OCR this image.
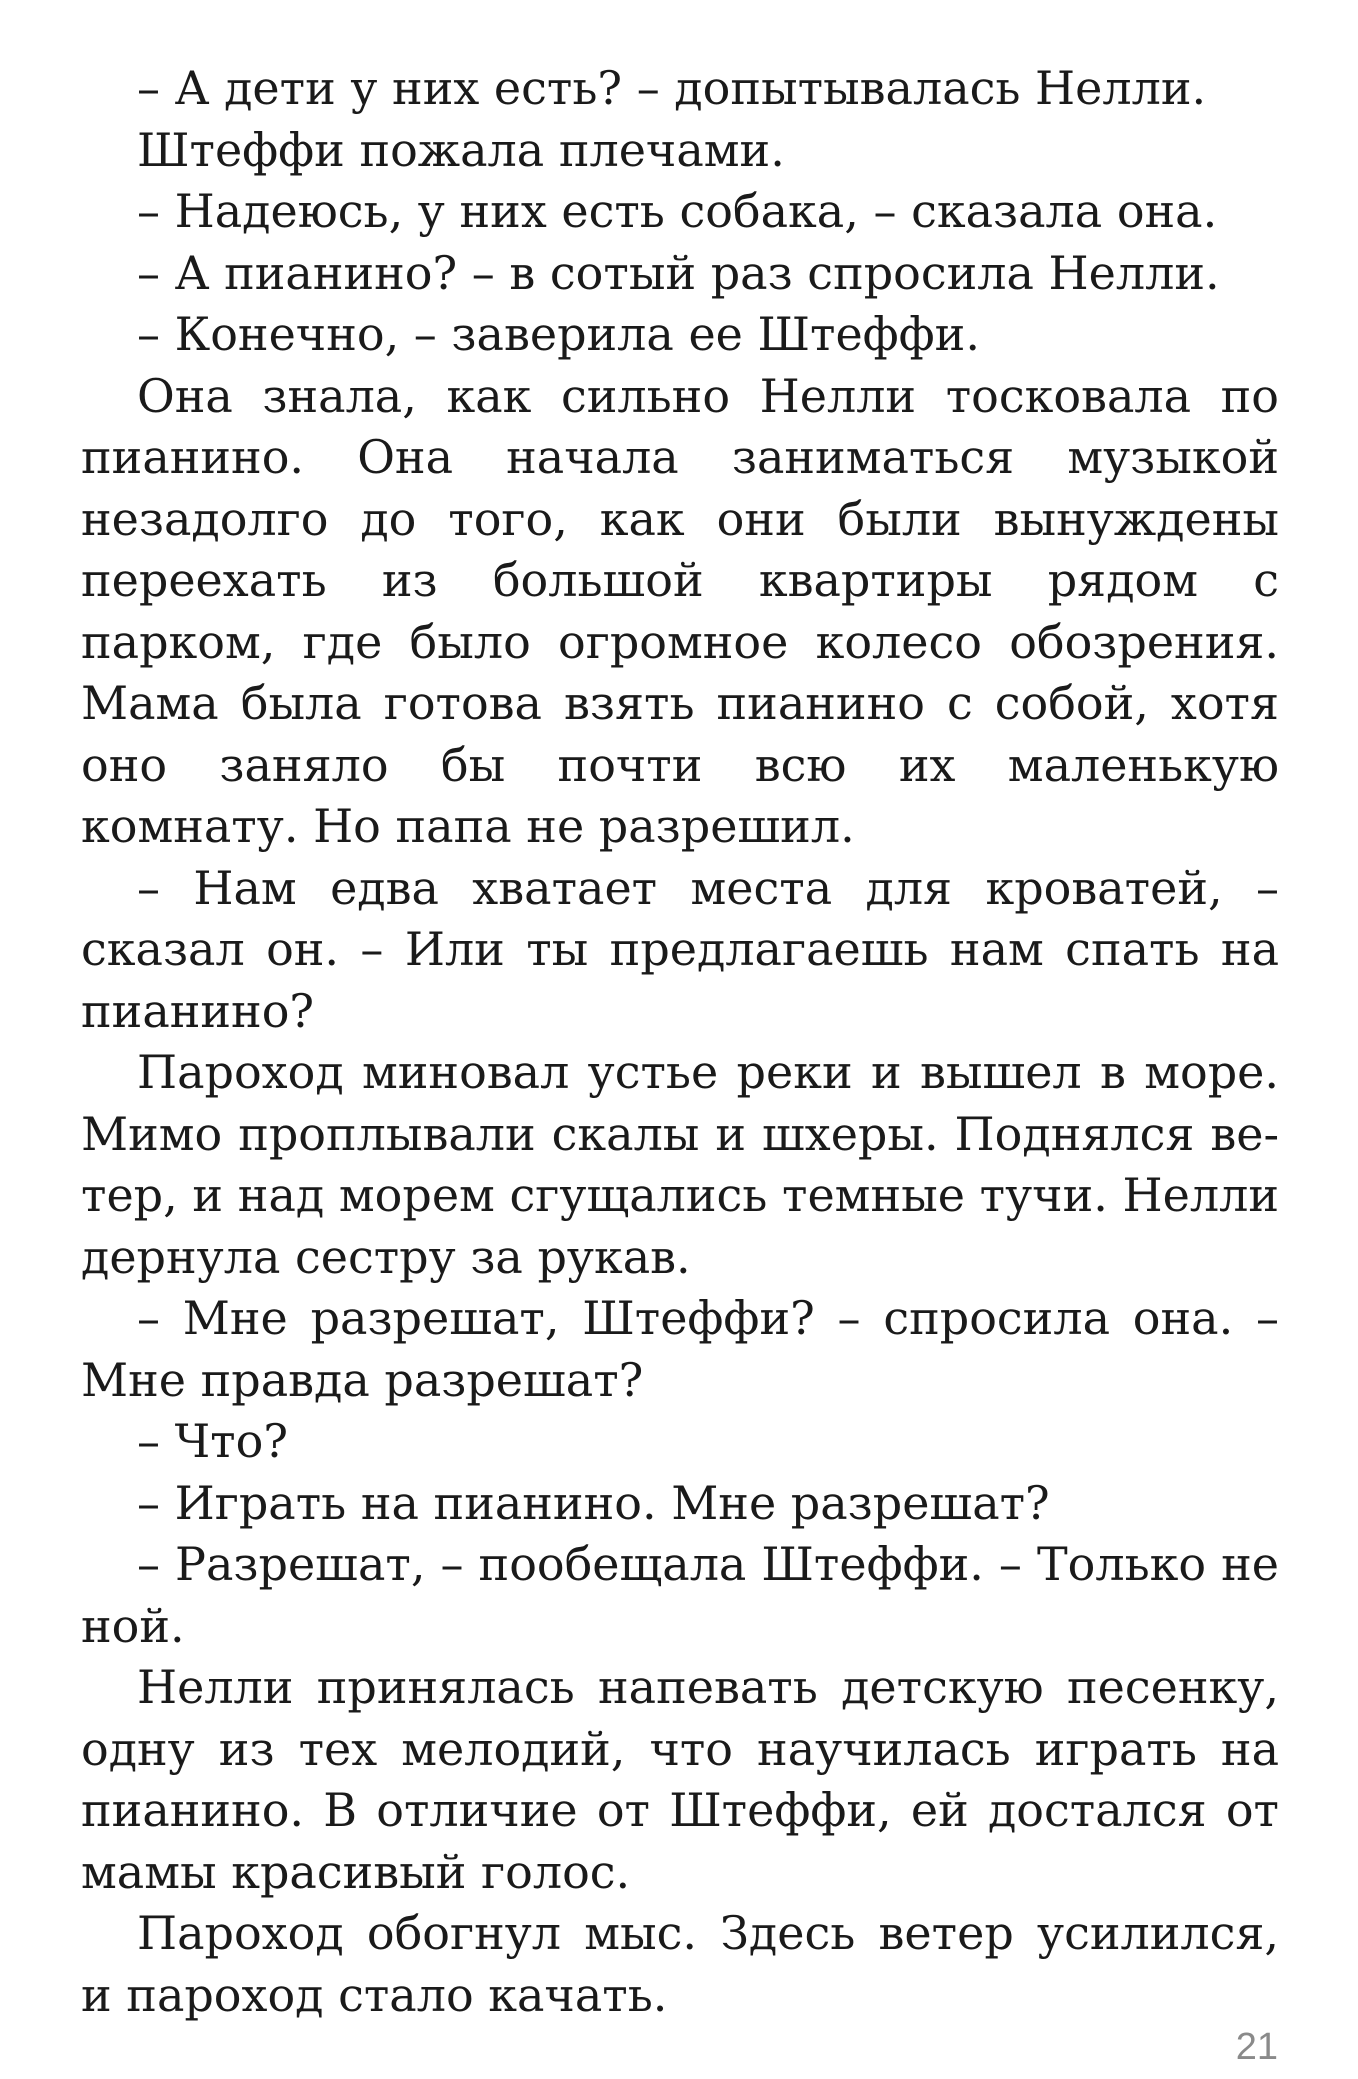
– А дети у них есть? – допытывалась Нелли.

Штеффи пожала плечами.

– Надеюсь, у них есть собака, – сказала она.

– А пианино? – в сотый раз спросила Нелли.

– Конечно, – заверила ее Штеффи.

Она знала, как сильно Нелли тосковала по пианино. Она начала заниматься музыкой незадолго до того, как они были вынуждены переехать из большой квартиры рядом с парком, где было огромное колесо обозрения. Мама была готова взять пианино с собой, хотя оно заняло бы почти всю их маленькую комнату. Но папа не разрешил.

– Нам едва хватает места для кроватей, – сказал он. – Или ты предлагаешь нам спать на пианино?

Пароход миновал устье реки и вышел в море. Мимо проплывали скалы и шхеры. Поднялся ветер, и над морем сгущались темные тучи. Нелли дернула сестру за рукав.

– Мне разрешат, Штеффи? – спросила она. – Мне правда разрешат?

– Что?

– Играть на пианино. Мне разрешат?

– Разрешат, – пообещала Штеффи. – Только не ной.

Нелли принялась напевать детскую песенку, одну из тех мелодий, что научилась играть на пианино. В отличие от Штеффи, ей достался от мамы красивый голос.

Пароход обогнул мыс. Здесь ветер усилился, и пароход стало качать.

21
